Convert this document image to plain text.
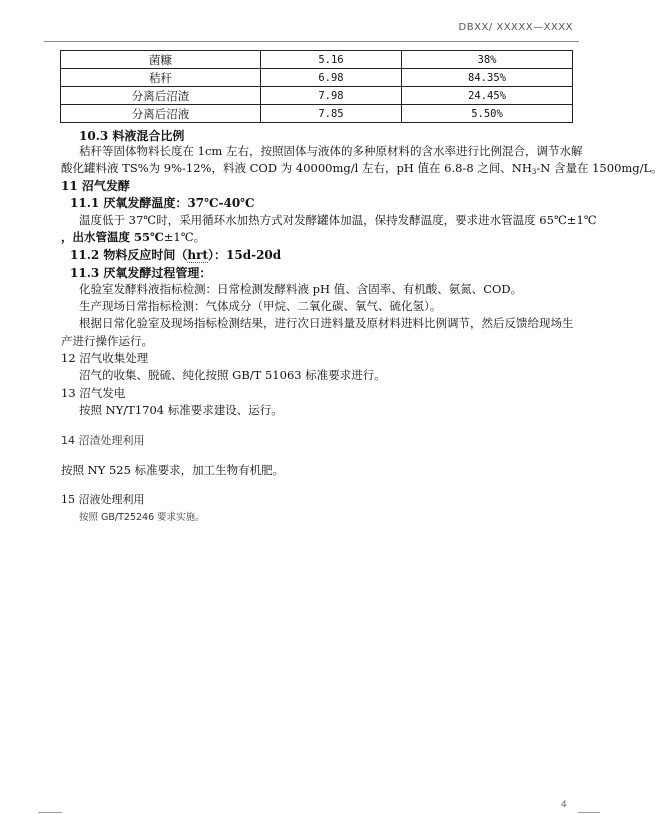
DBXX/ XXXXX—XXXX
菌糠	5.16	38%
秸秆	6.98	84.35%
分离后沼渣	7.98	24.45%
分离后沼液	7.85	5.50%
10.3 料液混合比例
秸秆等固体物料长度在 1cm 左右，按照固体与液体的多种原材料的含水率进行比例混合，调节水解
酸化罐料液 TS%为 9%-12%，料液 COD 为 40000mg/l 左右，pH 值在 6.8-8 之间、$NH_3-N$ 含量在 1500mg/L。
11 沼气发酵
11.1 厌氧发酵温度：37℃-40℃
温度低于 37℃时，采用循环水加热方式对发酵罐体加温，保持发酵温度，要求进水管温度 65℃±1℃
，出水管温度 55℃±1℃。
11.2 物料反应时间（hrt）：15d-20d
11.3 厌氧发酵过程管理：
化验室发酵料液指标检测：日常检测发酵料液 pH 值、含固率、有机酸、氨氮、COD。
生产现场日常指标检测：气体成分（甲烷、二氧化碳、氧气、硫化氢）。
根据日常化验室及现场指标检测结果，进行次日进料量及原材料进料比例调节，然后反馈给现场生
产进行操作运行。
12 沼气收集处理
沼气的收集、脱硫、纯化按照 GB/T 51063 标准要求进行。
13 沼气发电
按照 NY/T1704 标准要求建设、运行。
14 沼渣处理利用
按照 NY 525 标准要求，加工生物有机肥。
15 沼液处理利用
按照 GB/T25246 要求实施。
4
